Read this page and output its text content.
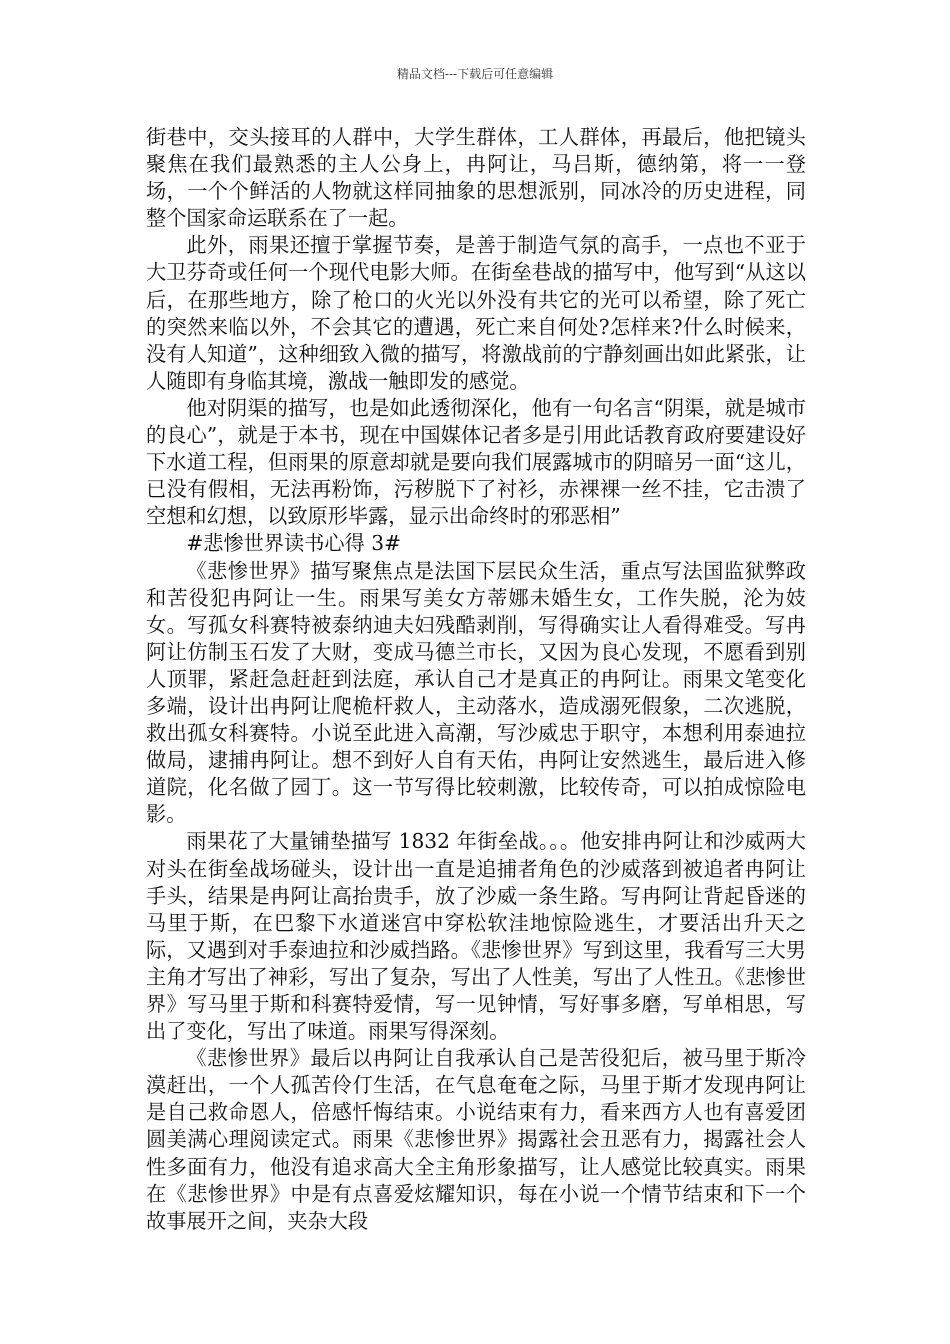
精品文档---下载后可任意编辑

街巷中，交头接耳的人群中，大学生群体，工人群体，再最后，他把镜头聚焦在我们最熟悉的主人公身上，冉阿让，马吕斯，德纳第，将一一登场，一个个鲜活的人物就这样同抽象的思想派别，同冰冷的历史进程，同整个国家命运联系在了一起。

此外，雨果还擅于掌握节奏，是善于制造气氛的高手，一点也不亚于大卫芬奇或任何一个现代电影大师。在街垒巷战的描写中，他写到“从这以后，在那些地方，除了枪口的火光以外没有共它的光可以希望，除了死亡的突然来临以外，不会其它的遭遇，死亡来自何处?怎样来?什么时候来，没有人知道”，这种细致入微的描写，将激战前的宁静刻画出如此紧张，让人随即有身临其境，激战一触即发的感觉。

他对阴渠的描写，也是如此透彻深化，他有一句名言“阴渠，就是城市的良心”，就是于本书，现在中国媒体记者多是引用此话教育政府要建设好下水道工程，但雨果的原意却就是要向我们展露城市的阴暗另一面“这儿，已没有假相，无法再粉饰，污秽脱下了衬衫，赤裸裸一丝不挂，它击溃了空想和幻想，以致原形毕露，显示出命终时的邪恶相”

#悲惨世界读书心得 3#

《悲惨世界》描写聚焦点是法国下层民众生活，重点写法国监狱弊政和苦役犯冉阿让一生。雨果写美女方蒂娜未婚生女，工作失脱，沦为妓女。写孤女科赛特被泰纳迪夫妇残酷剥削，写得确实让人看得难受。写冉阿让仿制玉石发了大财，变成马德兰市长，又因为良心发现，不愿看到别人顶罪，紧赶急赶赶到法庭，承认自己才是真正的冉阿让。雨果文笔变化多端，设计出冉阿让爬桅杆救人，主动落水，造成溺死假象，二次逃脱，救出孤女科赛特。小说至此进入高潮，写沙威忠于职守，本想利用泰迪拉做局，逮捕冉阿让。想不到好人自有天佑，冉阿让安然逃生，最后进入修道院，化名做了园丁。这一节写得比较刺激，比较传奇，可以拍成惊险电影。

雨果花了大量铺垫描写 1832 年街垒战。。。他安排冉阿让和沙威两大对头在街垒战场碰头，设计出一直是追捕者角色的沙威落到被追者冉阿让手头，结果是冉阿让高抬贵手，放了沙威一条生路。写冉阿让背起昏迷的马里于斯，在巴黎下水道迷宫中穿松软洼地惊险逃生，才要活出升天之际，又遇到对手泰迪拉和沙威挡路。《悲惨世界》写到这里，我看写三大男主角才写出了神彩，写出了复杂，写出了人性美，写出了人性丑。《悲惨世界》写马里于斯和科赛特爱情，写一见钟情，写好事多磨，写单相思，写出了变化，写出了味道。雨果写得深刻。

《悲惨世界》最后以冉阿让自我承认自己是苦役犯后，被马里于斯冷漠赶出，一个人孤苦伶仃生活，在气息奄奄之际，马里于斯才发现冉阿让是自己救命恩人，倍感忏悔结束。小说结束有力，看来西方人也有喜爱团圆美满心理阅读定式。雨果《悲惨世界》揭露社会丑恶有力，揭露社会人性多面有力，他没有追求高大全主角形象描写，让人感觉比较真实。雨果在《悲惨世界》中是有点喜爱炫耀知识，每在小说一个情节结束和下一个故事展开之间，夹杂大段
